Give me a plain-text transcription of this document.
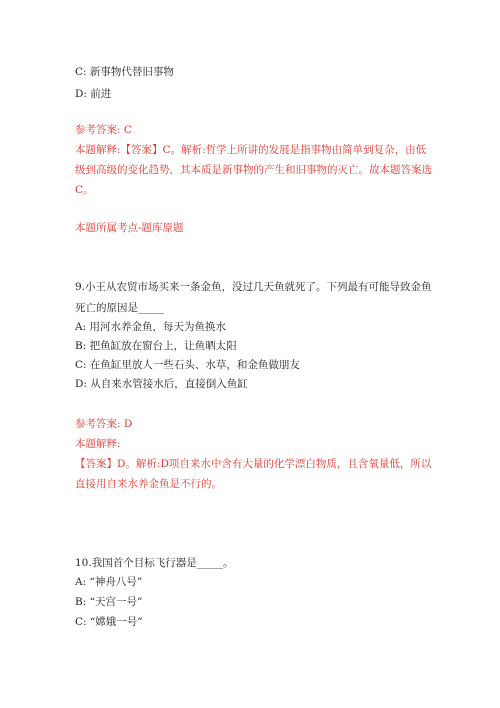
C: 新事物代替旧事物
D: 前进
参考答案: C
本题解释:【答案】C。解析:哲学上所讲的发展是指事物由简单到复杂，由低
级到高级的变化趋势，其本质是新事物的产生和旧事物的灭亡。故本题答案选
C。
本题所属考点-题库原题
9.小王从农贸市场买来一条金鱼，没过几天鱼就死了。下列最有可能导致金鱼
死亡的原因是_____
A: 用河水养金鱼，每天为鱼换水
B: 把鱼缸放在窗台上，让鱼晒太阳
C: 在鱼缸里放人一些石头、水草，和金鱼做朋友
D: 从自来水管接水后，直接倒入鱼缸
参考答案: D
本题解释:
【答案】D。解析:D项自来水中含有大量的化学漂白物质，且含氧量低，所以
直接用自来水养金鱼是不行的。
10.我国首个目标飞行器是_____。
A: “神舟八号”
B: “天宫一号”
C: “嫦娥一号”
